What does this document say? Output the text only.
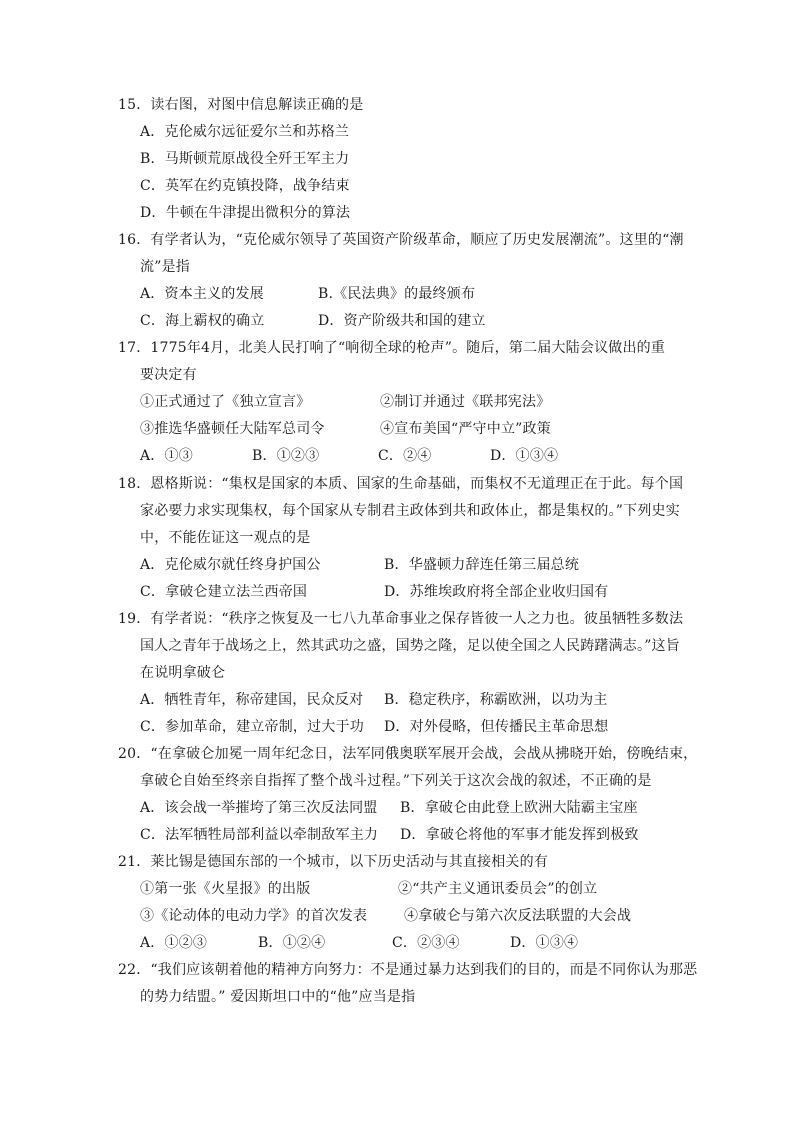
15．读右图，对图中信息解读正确的是
A．克伦威尔远征爱尔兰和苏格兰
B．马斯顿荒原战役全歼王军主力
C．英军在约克镇投降，战争结束
D．牛顿在牛津提出微积分的算法
16．有学者认为，“克伦威尔领导了英国资产阶级革命，顺应了历史发展潮流”。这里的“潮
流”是指
A．资本主义的发展	B.《民法典》的最终颁布
C．海上霸权的确立	D．资产阶级共和国的建立
17．1775年4月，北美人民打响了“响彻全球的枪声”。随后，第二届大陆会议做出的重
要决定有
①正式通过了《独立宣言》	②制订并通过《联邦宪法》
③推选华盛顿任大陆军总司令	④宣布美国“严守中立”政策
A．①③	B．①②③	C．②④	D．①③④
18．恩格斯说：“集权是国家的本质、国家的生命基础，而集权不无道理正在于此。每个国
家必要力求实现集权，每个国家从专制君主政体到共和政体止，都是集权的。”下列史实
中，不能佐证这一观点的是
A．克伦威尔就任终身护国公	B．华盛顿力辞连任第三届总统
C．拿破仑建立法兰西帝国	D．苏维埃政府将全部企业收归国有
19．有学者说：“秩序之恢复及一七八九革命事业之保存皆彼一人之力也。彼虽牺牲多数法
国人之青年于战场之上，然其武功之盛，国势之隆，足以使全国之人民踌躇满志。”这旨
在说明拿破仑
A．牺牲青年，称帝建国，民众反对 B．稳定秩序，称霸欧洲，以功为主
C．参加革命，建立帝制，过大于功 D．对外侵略，但传播民主革命思想
20．“在拿破仑加冕一周年纪念日，法军同俄奥联军展开会战，会战从拂晓开始，傍晚结束，
拿破仑自始至终亲自指挥了整个战斗过程。”下列关于这次会战的叙述，不正确的是
A．该会战一举摧垮了第三次反法同盟 B．拿破仑由此登上欧洲大陆霸主宝座
C．法军牺牲局部利益以牵制敌军主力 D．拿破仑将他的军事才能发挥到极致
21．莱比锡是德国东部的一个城市，以下历史活动与其直接相关的有
①第一张《火星报》的出版	②“共产主义通讯委员会”的创立
③《论动体的电动力学》的首次发表	④拿破仑与第六次反法联盟的大会战
A．①②③	B．①②④	C．②③④	D．①③④
22．“我们应该朝着他的精神方向努力：不是通过暴力达到我们的目的，而是不同你认为那恶
的势力结盟。” 爱因斯坦口中的“他”应当是指
